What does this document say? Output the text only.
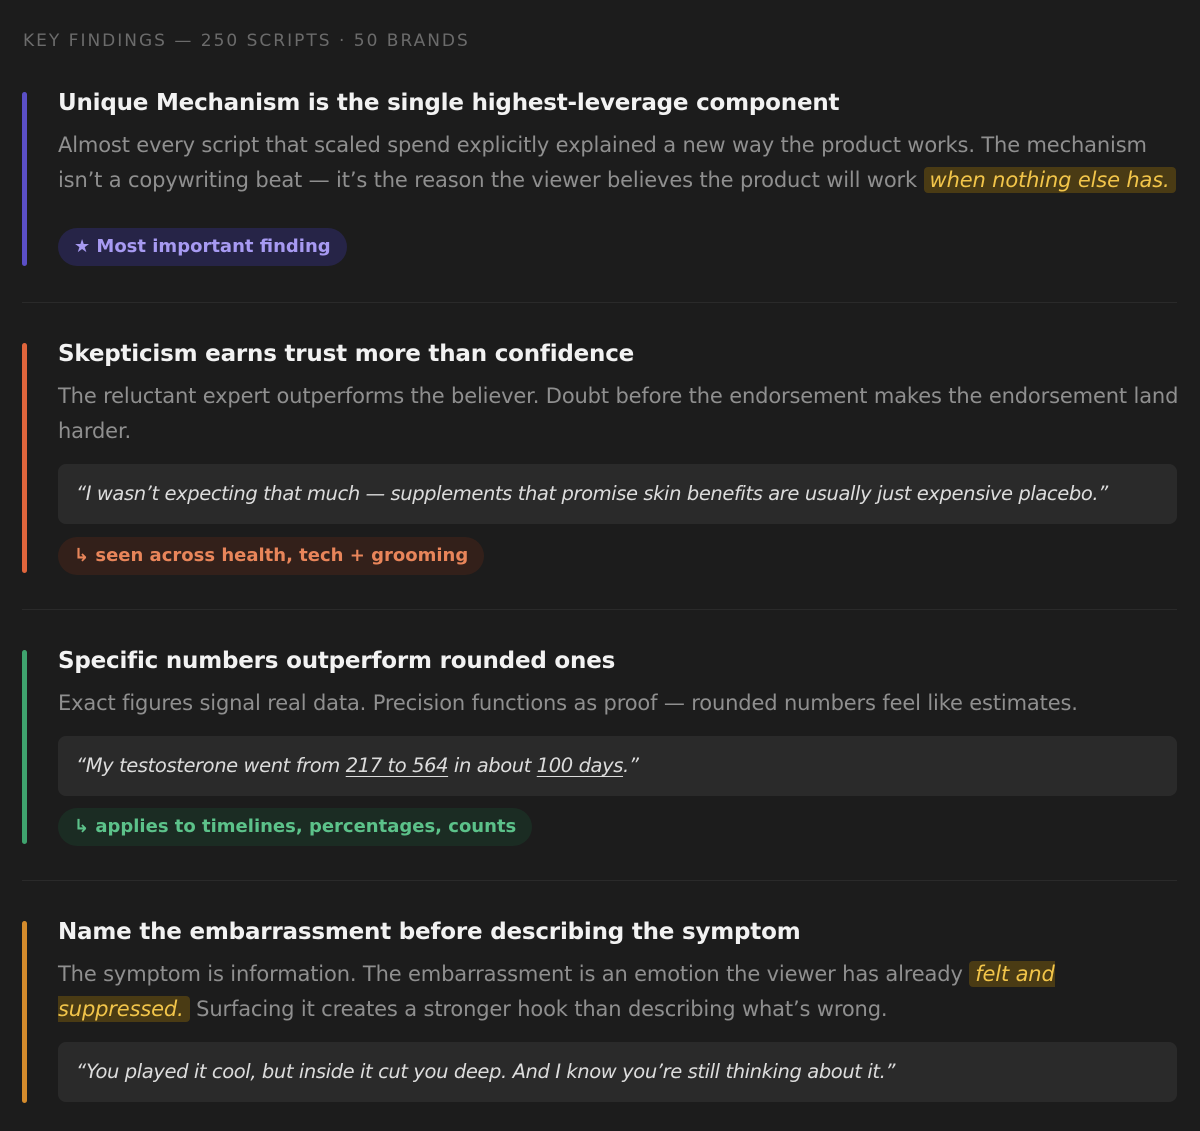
KEY FINDINGS — 250 SCRIPTS · 50 BRANDS
Unique Mechanism is the single highest-leverage component
Almost every script that scaled spend explicitly explained a new way the product works. The mechanism isn’t a copywriting beat — it’s the reason the viewer believes the product will work when nothing else has.
★ Most important finding
Skepticism earns trust more than confidence
The reluctant expert outperforms the believer. Doubt before the endorsement makes the endorsement land harder.
“I wasn’t expecting that much — supplements that promise skin benefits are usually just expensive placebo.”
↳ seen across health, tech + grooming
Specific numbers outperform rounded ones
Exact figures signal real data. Precision functions as proof — rounded numbers feel like estimates.
“My testosterone went from 217 to 564 in about 100 days.”
↳ applies to timelines, percentages, counts
Name the embarrassment before describing the symptom
The symptom is information. The embarrassment is an emotion the viewer has already felt and suppressed. Surfacing it creates a stronger hook than describing what’s wrong.
“You played it cool, but inside it cut you deep. And I know you’re still thinking about it.”
